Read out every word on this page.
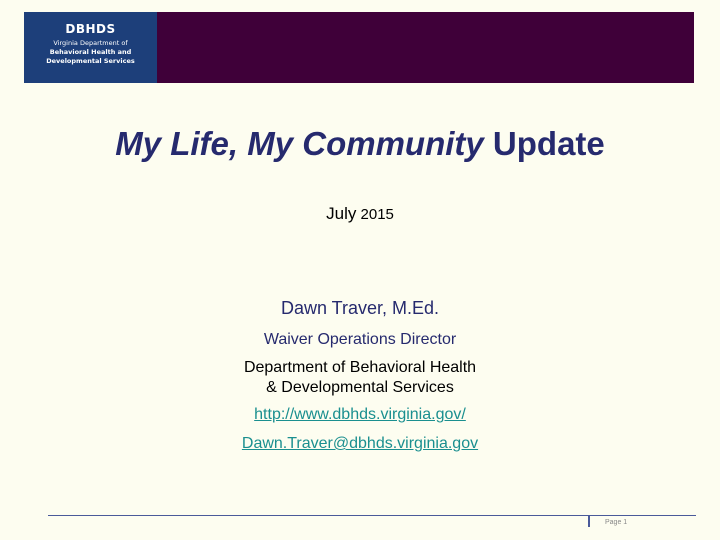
DBHDS
Virginia Department of
Behavioral Health and
Developmental Services
My Life, My Community Update
July 2015
Dawn Traver, M.Ed.
Waiver Operations Director
Department of Behavioral Health
& Developmental Services
http://www.dbhds.virginia.gov/
Dawn.Traver@dbhds.virginia.gov
Page 1
